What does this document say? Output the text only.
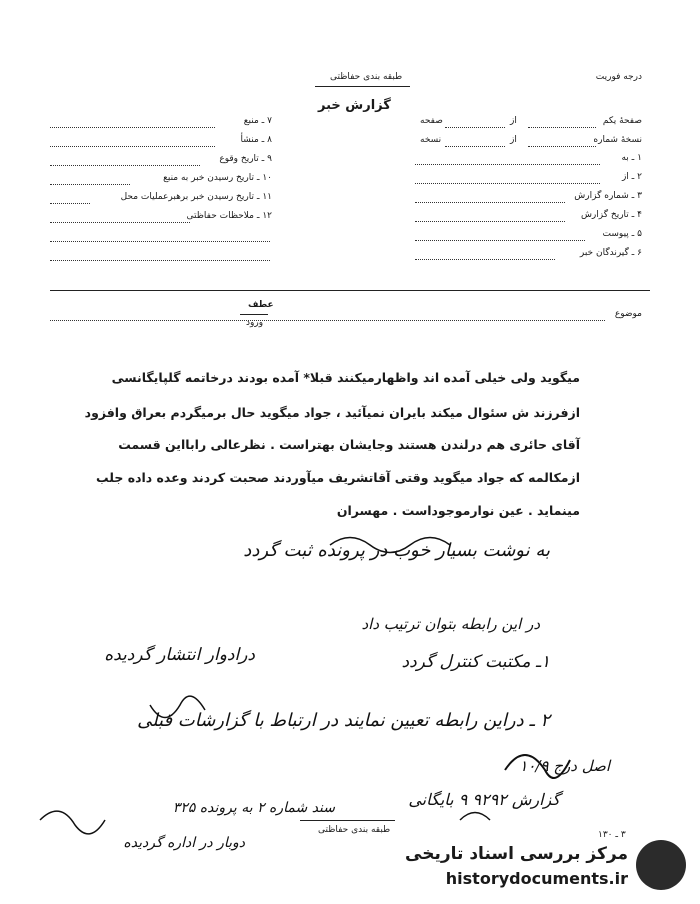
طبقه بندی حفاظتی	درجه فوریت
گزارش خبر
صفحهٔ یکم
نسخهٔ شماره
۱ ـ به
۲ ـ از
۳ ـ شماره گزارش
۴ ـ تاریخ گزارش
۵ ـ پیوست
۶ ـ گیرندگان خبر
از
صفحه
از
نسخه
۷ ـ منبع
۸ ـ منشأ
۹ ـ تاریخ وقوع
۱۰ ـ تاریخ رسیدن خبر به منبع
۱۱ ـ تاریخ رسیدن خبر برهبرعملیات محل
۱۲ ـ ملاحظات حفاظتی
موضوع
عطف
ورود
میگوید ولی خیلی آمده اند واظهارمیکنند قبلا* آمده بودند درخاتمه گلپایگانسی
ازفرزند ش سئوال میکند بایران نمیآئید ، جواد میگوید حال برمیگردم بعراق وافزود
آقای حائری هم درلندن هستند وجایشان بهتراست . نظرعالی رابااین قسمت
ازمکالمه که جواد میگوید وقتی آقاتشریف میآوردند صحبت کردند وعده داده جلب
مینماید . عین نوارموجوداست . مهسران
به نوشت بسیار خوب در پرونده ثبت گردد
در این رابطه بتوان ترتیب داد
۱ـ مکتبت کنترل گردد
درادوار انتشار گردیده
۲ ـ دراین رابطه تعیین نمایند در ارتباط با گزارشات قبلی
اصل درج ۱۰/۹
گزارش ۹۲۹۲ ۹ بایگانی
سند شماره ۲ به پرونده ۳۲۵
دوبار در اداره گردیده
طبقه بندی حفاظتی	۳ ـ ۱۳۰
مرکز بررسی اسناد تاریخی
historydocuments.ir
